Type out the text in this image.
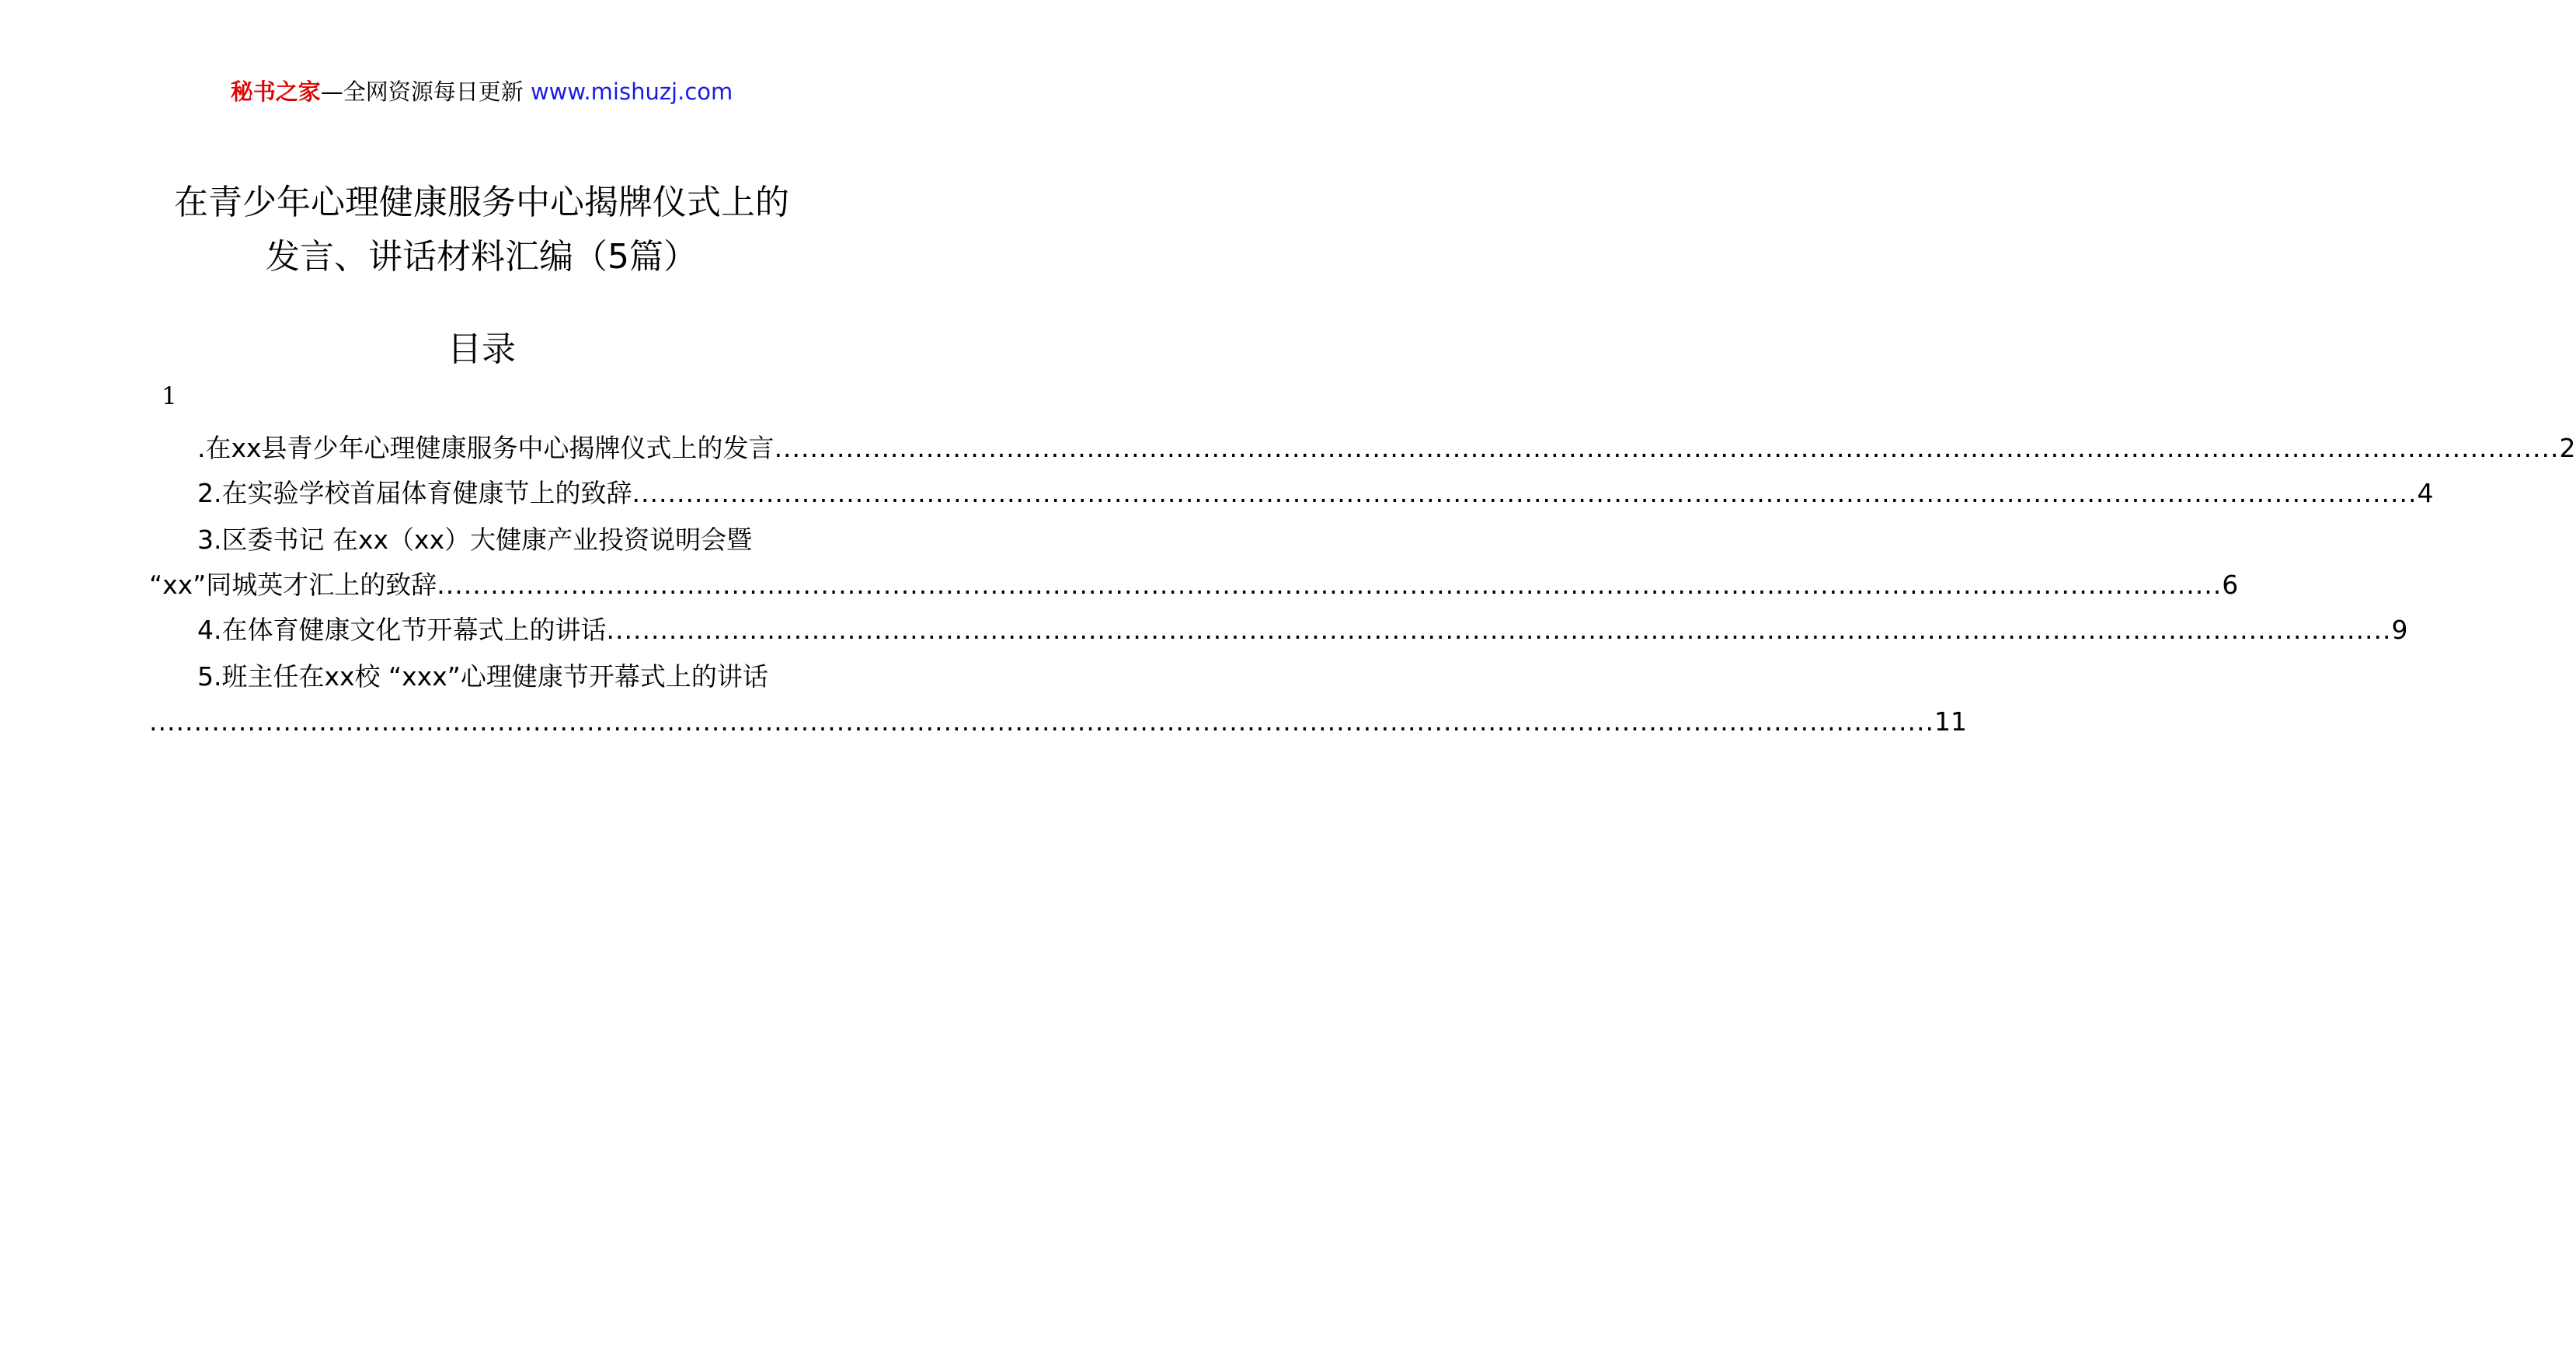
秘书之家—全网资源每日更新 www.mishuzj.com
在青少年心理健康服务中心揭牌仪式上的
发言、讲话材料汇编（5篇）
目录
1
.在xx县青少年心理健康服务中心揭牌仪式上的发言 ........................................................................................................................................................................................................ 2
2.在实验学校首届体育健康节上的致辞 ........................................................................................................................................................................................................ 4
3.区委书记 在xx（xx）大健康产业投资说明会暨
“xx”同城英才汇上的致辞 ........................................................................................................................................................................................................ 6
4.在体育健康文化节开幕式上的讲话 ........................................................................................................................................................................................................ 9
5.班主任在xx校 “xxx”心理健康节开幕式上的讲话
........................................................................................................................................................................................................ 11
